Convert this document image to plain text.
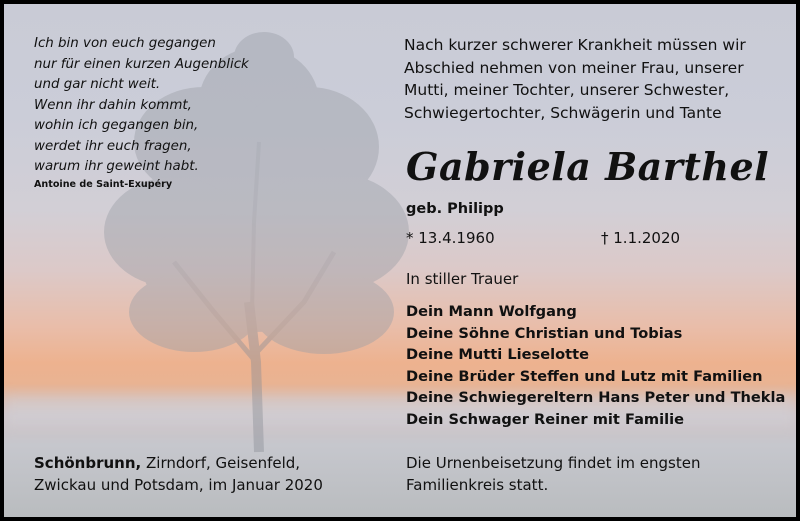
Ich bin von euch gegangen
nur für einen kurzen Augenblick
und gar nicht weit.
Wenn ihr dahin kommt,
wohin ich gegangen bin,
werdet ihr euch fragen,
warum ihr geweint habt.
Antoine de Saint-Exupéry
Nach kurzer schwerer Krankheit müssen wir
Abschied nehmen von meiner Frau, unserer
Mutti, meiner Tochter, unserer Schwester,
Schwiegertochter, Schwägerin und Tante
Gabriela Barthel
geb. Philipp
* 13.4.1960	† 1.1.2020
In stiller Trauer
Dein Mann Wolfgang
Deine Söhne Christian und Tobias
Deine Mutti Lieselotte
Deine Brüder Steffen und Lutz mit Familien
Deine Schwiegereltern Hans Peter und Thekla
Dein Schwager Reiner mit Familie
Schönbrunn, Zirndorf, Geisenfeld,
Zwickau und Potsdam, im Januar 2020
Die Urnenbeisetzung findet im engsten
Familienkreis statt.
